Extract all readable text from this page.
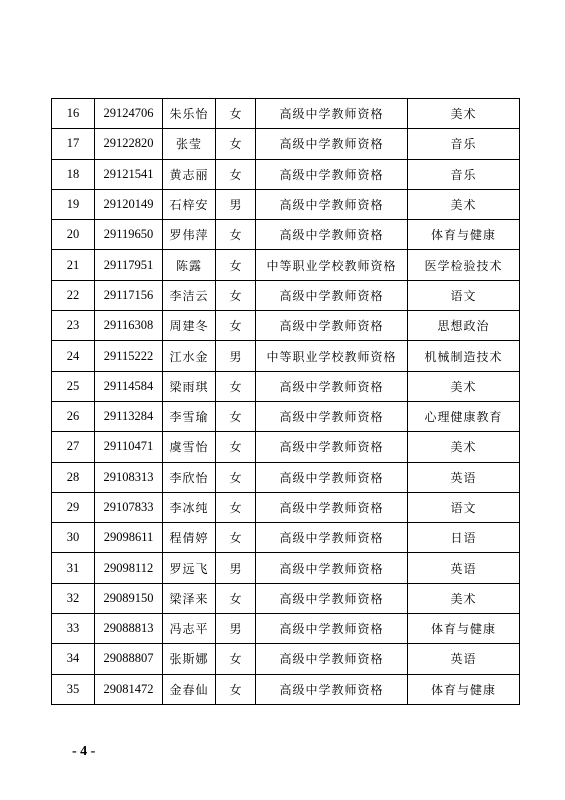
16	29124706	朱乐怡	女	高级中学教师资格	美术
17	29122820	张莹	女	高级中学教师资格	音乐
18	29121541	黄志丽	女	高级中学教师资格	音乐
19	29120149	石梓安	男	高级中学教师资格	美术
20	29119650	罗伟萍	女	高级中学教师资格	体育与健康
21	29117951	陈露	女	中等职业学校教师资格	医学检验技术
22	29117156	李洁云	女	高级中学教师资格	语文
23	29116308	周建冬	女	高级中学教师资格	思想政治
24	29115222	江水金	男	中等职业学校教师资格	机械制造技术
25	29114584	梁雨琪	女	高级中学教师资格	美术
26	29113284	李雪瑜	女	高级中学教师资格	心理健康教育
27	29110471	虞雪怡	女	高级中学教师资格	美术
28	29108313	李欣怡	女	高级中学教师资格	英语
29	29107833	李冰纯	女	高级中学教师资格	语文
30	29098611	程倩婷	女	高级中学教师资格	日语
31	29098112	罗远飞	男	高级中学教师资格	英语
32	29089150	梁泽来	女	高级中学教师资格	美术
33	29088813	冯志平	男	高级中学教师资格	体育与健康
34	29088807	张斯娜	女	高级中学教师资格	英语
35	29081472	金春仙	女	高级中学教师资格	体育与健康
- 4 -
